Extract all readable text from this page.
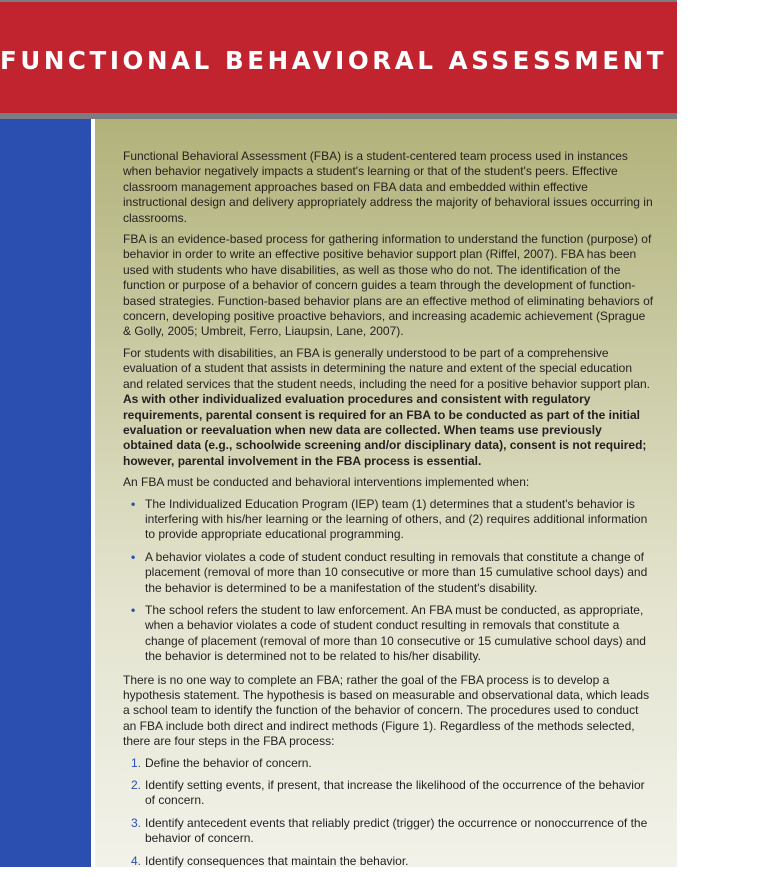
FUNCTIONAL BEHAVIORAL ASSESSMENT (FBA)

Functional Behavioral Assessment (FBA) is a student-centered team process used in instances when behavior negatively impacts a student's learning or that of the student's peers. Effective classroom management approaches based on FBA data and embedded within effective instructional design and delivery appropriately address the majority of behavioral issues occurring in classrooms.

FBA is an evidence-based process for gathering information to understand the function (purpose) of behavior in order to write an effective positive behavior support plan (Riffel, 2007). FBA has been used with students who have disabilities, as well as those who do not. The identification of the function or purpose of a behavior of concern guides a team through the development of function-based strategies. Function-based behavior plans are an effective method of eliminating behaviors of concern, developing positive proactive behaviors, and increasing academic achievement (Sprague & Golly, 2005; Umbreit, Ferro, Liaupsin, Lane, 2007).

For students with disabilities, an FBA is generally understood to be part of a comprehensive evaluation of a student that assists in determining the nature and extent of the special education and related services that the student needs, including the need for a positive behavior support plan. As with other individualized evaluation procedures and consistent with regulatory requirements, parental consent is required for an FBA to be conducted as part of the initial evaluation or reevaluation when new data are collected. When teams use previously obtained data (e.g., schoolwide screening and/or disciplinary data), consent is not required; however, parental involvement in the FBA process is essential.

An FBA must be conducted and behavioral interventions implemented when:

• The Individualized Education Program (IEP) team (1) determines that a student's behavior is interfering with his/her learning or the learning of others, and (2) requires additional information to provide appropriate educational programming.
• A behavior violates a code of student conduct resulting in removals that constitute a change of placement (removal of more than 10 consecutive or more than 15 cumulative school days) and the behavior is determined to be a manifestation of the student's disability.
• The school refers the student to law enforcement. An FBA must be conducted, as appropriate, when a behavior violates a code of student conduct resulting in removals that constitute a change of placement (removal of more than 10 consecutive or 15 cumulative school days) and the behavior is determined not to be related to his/her disability.

There is no one way to complete an FBA; rather the goal of the FBA process is to develop a hypothesis statement. The hypothesis is based on measurable and observational data, which leads a school team to identify the function of the behavior of concern. The procedures used to conduct an FBA include both direct and indirect methods (Figure 1). Regardless of the methods selected, there are four steps in the FBA process:

1. Define the behavior of concern.
2. Identify setting events, if present, that increase the likelihood of the occurrence of the behavior of concern.
3. Identify antecedent events that reliably predict (trigger) the occurrence or nonoccurrence of the behavior of concern.
4. Identify consequences that maintain the behavior.
